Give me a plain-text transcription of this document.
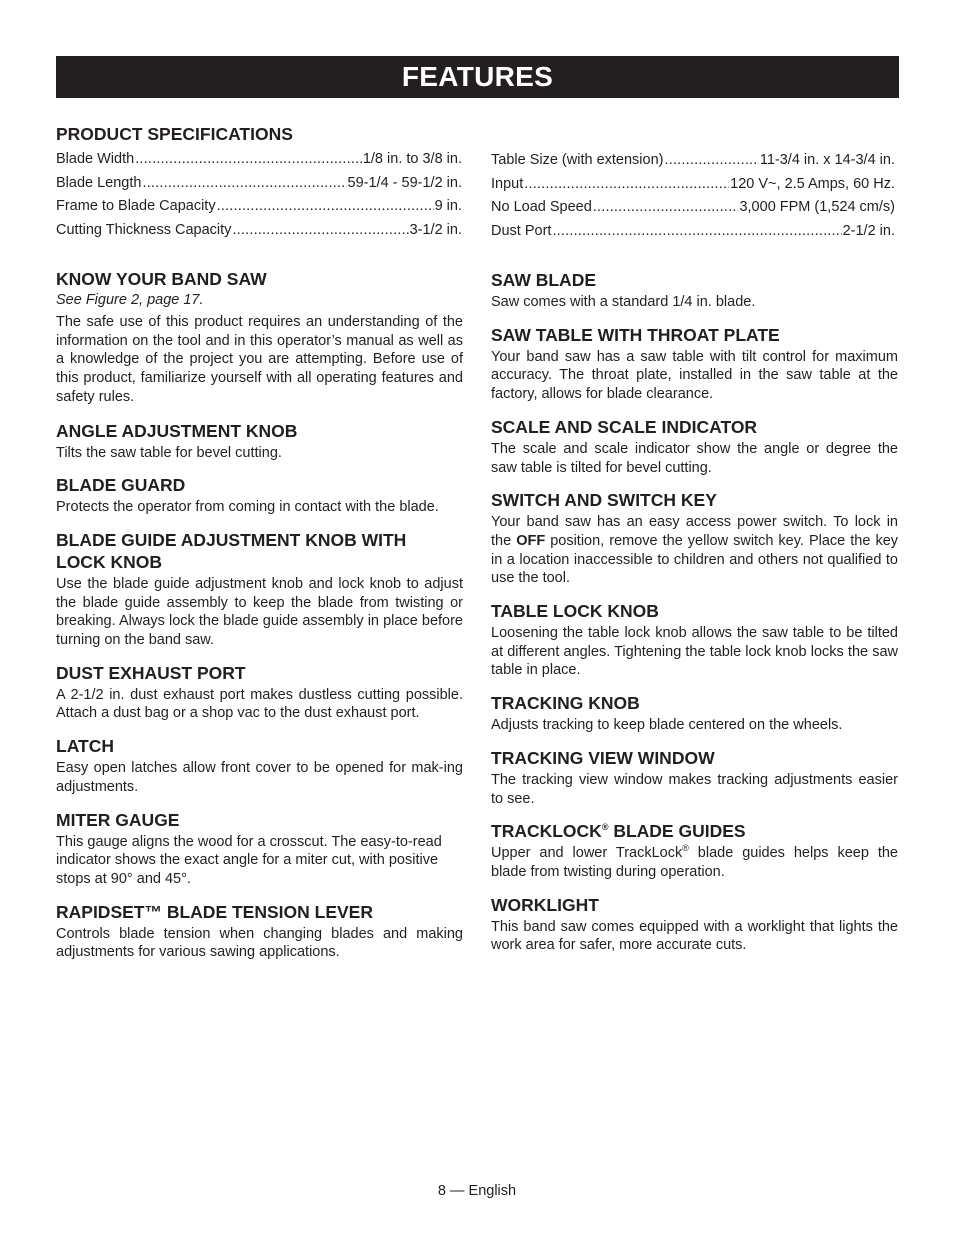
FEATURES
PRODUCT SPECIFICATIONS
Blade Width .....	1/8 in. to 3/8 in.
Blade Length .....	59-1/4 - 59-1/2 in.
Frame to Blade Capacity .....	9 in.
Cutting Thickness Capacity .....	3-1/2 in.
Table Size (with extension) .....	11-3/4 in. x 14-3/4 in.
Input .....	120 V~, 2.5 Amps, 60 Hz.
No Load Speed .....	3,000 FPM (1,524 cm/s)
Dust Port .....	2-1/2 in.
KNOW YOUR BAND SAW
See Figure 2, page 17.

The safe use of this product requires an understanding of the information on the tool and in this operator’s manual as well as a knowledge of the project you are attempting. Before use of this product, familiarize yourself with all operating features and safety rules.

ANGLE ADJUSTMENT KNOB

Tilts the saw table for bevel cutting.

BLADE GUARD

Protects the operator from coming in contact with the blade.

BLADE GUIDE ADJUSTMENT KNOB WITH LOCK KNOB

Use the blade guide adjustment knob and lock knob to adjust the blade guide assembly to keep the blade from twisting or breaking. Always lock the blade guide assembly in place before turning on the band saw.

DUST EXHAUST PORT

A 2-1/2 in. dust exhaust port makes dustless cutting possible. Attach a dust bag or a shop vac to the dust exhaust port.

LATCH

Easy open latches allow front cover to be opened for mak-ing adjustments.

MITER GAUGE

This gauge aligns the wood for a crosscut. The easy-to-read indicator shows the exact angle for a miter cut, with positive stops at 90° and 45°.

RAPIDSET™ BLADE TENSION LEVER

Controls blade tension when changing blades and making adjustments for various sawing applications.

SAW BLADE

Saw comes with a standard 1/4 in. blade.

SAW TABLE WITH THROAT PLATE

Your band saw has a saw table with tilt control for maximum accuracy. The throat plate, installed in the saw table at the factory, allows for blade clearance.

SCALE AND SCALE INDICATOR

The scale and scale indicator show the angle or degree the saw table is tilted for bevel cutting.

SWITCH AND SWITCH KEY

Your band saw has an easy access power switch. To lock in the OFF position, remove the yellow switch key. Place the key in a location inaccessible to children and others not qualified to use the tool.

TABLE LOCK KNOB

Loosening the table lock knob allows the saw table to be tilted at different angles. Tightening the table lock knob locks the saw table in place.

TRACKING KNOB

Adjusts tracking to keep blade centered on the wheels.

TRACKING VIEW WINDOW

The tracking view window makes tracking adjustments easier to see.

TRACKLOCK® BLADE GUIDES

Upper and lower TrackLock® blade guides helps keep the blade from twisting during operation.

WORKLIGHT

This band saw comes equipped with a worklight that lights the work area for safer, more accurate cuts.

8 — English
